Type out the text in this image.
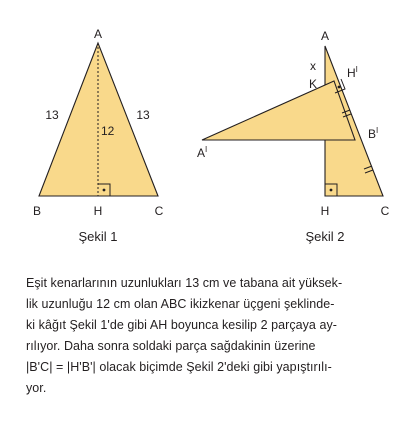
A
B	H	C
13	13
12
Şekil 1
A
x
K
$H^I$
$A^I$
$B^I$
H	C
Şekil 2

Eşit kenarlarının uzunlukları 13 cm ve tabana ait yüksek-
lik uzunluğu 12 cm olan ABC ikizkenar üçgeni şeklinde-
ki kâğıt Şekil 1'de gibi AH boyunca kesilip 2 parçaya ay-
rılıyor. Daha sonra soldaki parça sağdakinin üzerine
|B'C| = |H'B'| olacak biçimde Şekil 2'deki gibi yapıştırılı-
yor.
